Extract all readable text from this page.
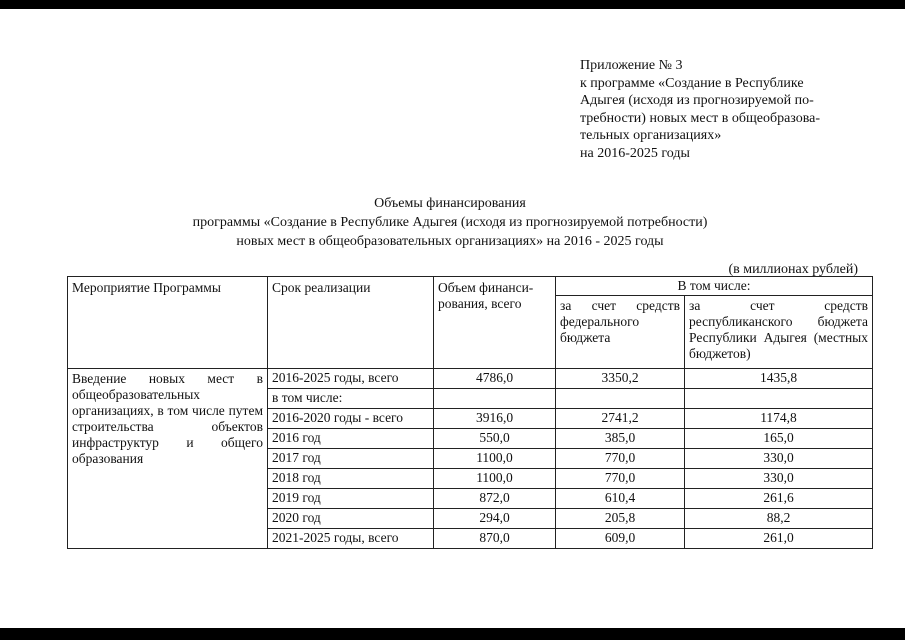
Приложение № 3
к программе «Создание в Республике
Адыгея (исходя из прогнозируемой по-
требности) новых мест в общеобразова-
тельных организациях»
на 2016-2025 годы
Объемы финансирования
программы «Создание в Республике Адыгея (исходя из прогнозируемой потребности)
новых мест в общеобразовательных организациях» на 2016 - 2025 годы
(в миллионах рублей)
Мероприятие Программы	Срок реализации	Объем финанси-рования, всего	В том числе:	
			за счет средств федерального бюджета	за счет средств республиканского бюджета Республики Адыгея (местных бюджетов)
Введение новых мест в общеобразовательных организациях, в том числе путем строительства объектов инфраструктур и общего образования	2016-2025 годы, всего	4786,0	3350,2	1435,8
	в том числе:			
	2016-2020 годы - всего	3916,0	2741,2	1174,8
	2016 год	550,0	385,0	165,0
	2017 год	1100,0	770,0	330,0
	2018 год	1100,0	770,0	330,0
	2019 год	872,0	610,4	261,6
	2020 год	294,0	205,8	88,2
	2021-2025 годы, всего	870,0	609,0	261,0
